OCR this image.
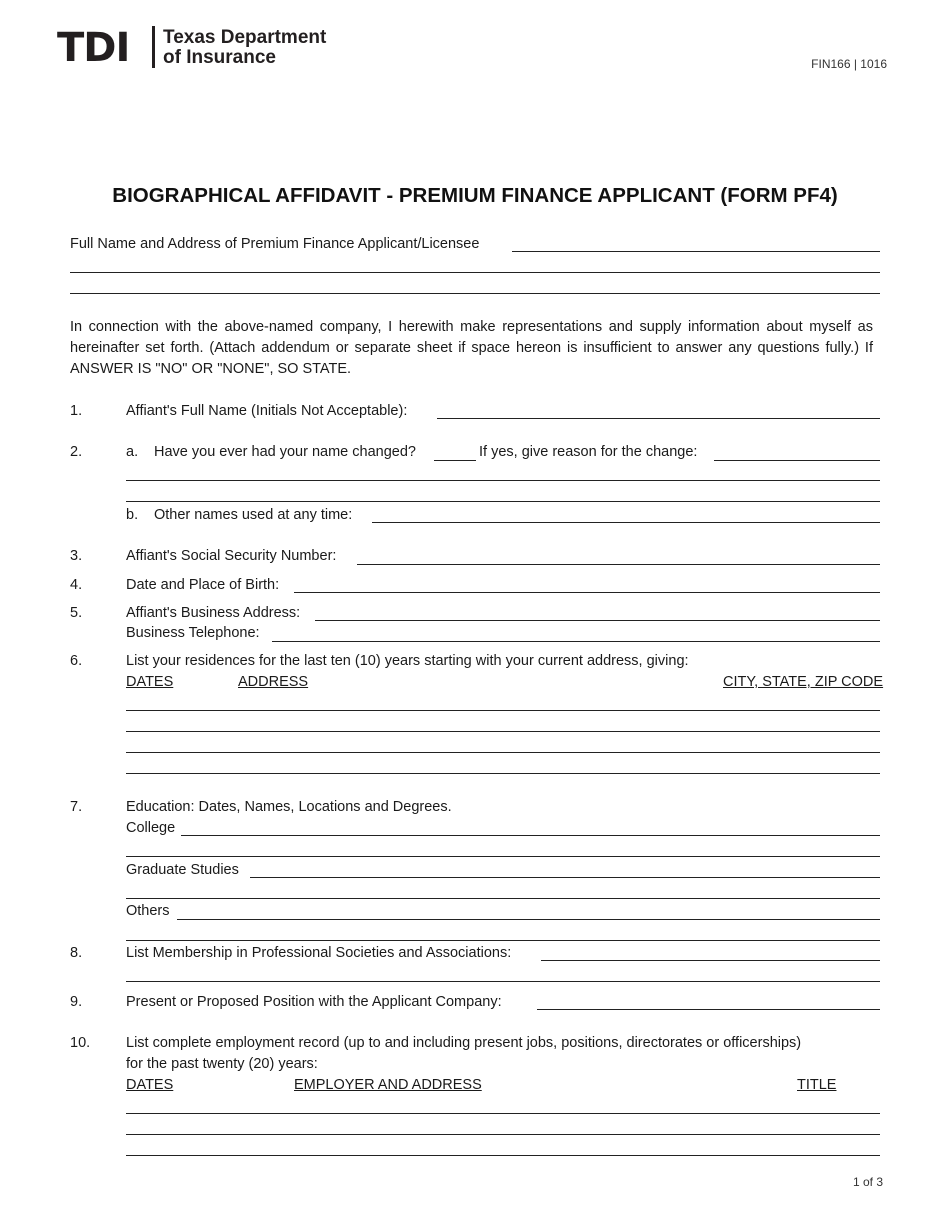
TDI Texas Department
of Insurance	FIN166 | 1016
BIOGRAPHICAL AFFIDAVIT - PREMIUM FINANCE APPLICANT (FORM PF4)
Full Name and Address of Premium Finance Applicant/Licensee
In connection with the above-named company, I herewith make representations and supply information about myself as hereinafter set forth. (Attach addendum or separate sheet if space hereon is insufficient to answer any questions fully.) If ANSWER IS "NO" OR "NONE", SO STATE.
1.	Affiant's Full Name (Initials Not Acceptable):
2.	a. Have you ever had your name changed?	If yes, give reason for the change:
b. Other names used at any time:
3.	Affiant's Social Security Number:
4.	Date and Place of Birth:
5.	Affiant's Business Address:
Business Telephone:
6.	List your residences for the last ten (10) years starting with your current address, giving:
DATES	ADDRESS	CITY, STATE, ZIP CODE
7.	Education: Dates, Names, Locations and Degrees.
College
Graduate Studies
Others
8.	List Membership in Professional Societies and Associations:
9.	Present or Proposed Position with the Applicant Company:
10. List complete employment record (up to and including present jobs, positions, directorates or officerships)
for the past twenty (20) years:
DATES	EMPLOYER AND ADDRESS	TITLE
1 of 3
